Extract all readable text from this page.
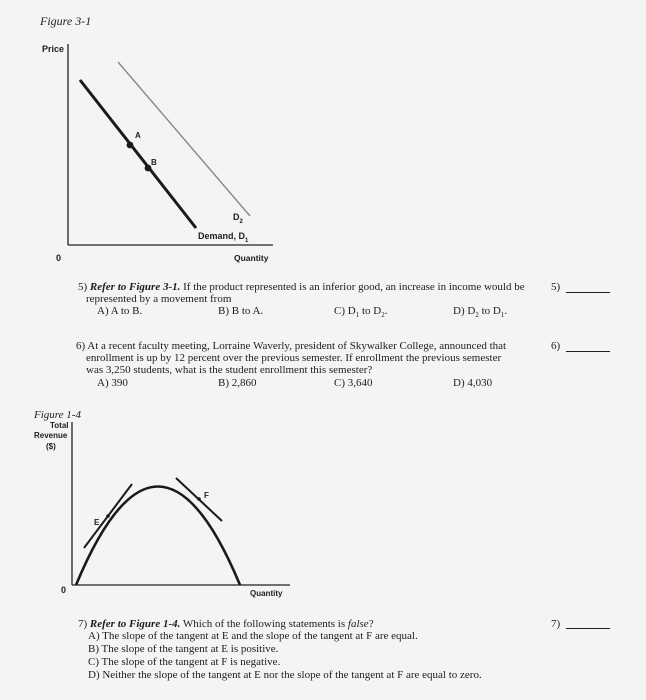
Figure 3-1
Price
0
A
B
$D_2$
Demand, $D_1$
Quantity
5) Refer to Figure 3-1. If the product represented is an inferior good, an increase in income would be
represented by a movement from
A) A to B.	B) B to A.	C) $D_1$ to $D_2$.	D) $D_2$ to $D_1$.
5)
6) At a recent faculty meeting, Lorraine Waverly, president of Skywalker College, announced that
enrollment is up by 12 percent over the previous semester. If enrollment the previous semester
was 3,250 students, what is the student enrollment this semester?
A) 390	B) 2,860	C) 3,640	D) 4,030
6)
Figure 1-4
Total
Revenue
($)
0
E
F
Quantity
7) Refer to Figure 1-4. Which of the following statements is false?
A) The slope of the tangent at E and the slope of the tangent at F are equal.
B) The slope of the tangent at E is positive.
C) The slope of the tangent at F is negative.
D) Neither the slope of the tangent at E nor the slope of the tangent at F are equal to zero.
7)
